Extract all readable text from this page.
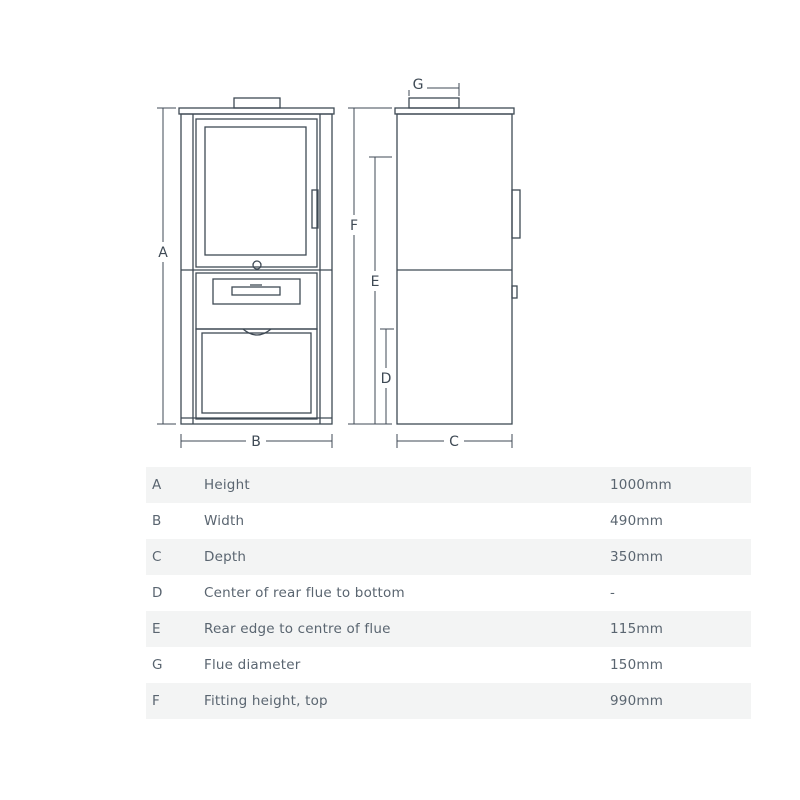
A
B	C
D
E
F
G
A	Height	1000mm
B	Width	490mm
C	Depth	350mm
D	Center of rear flue to bottom	-
E	Rear edge to centre of flue	115mm
G	Flue diameter	150mm
F	Fitting height, top	990mm
